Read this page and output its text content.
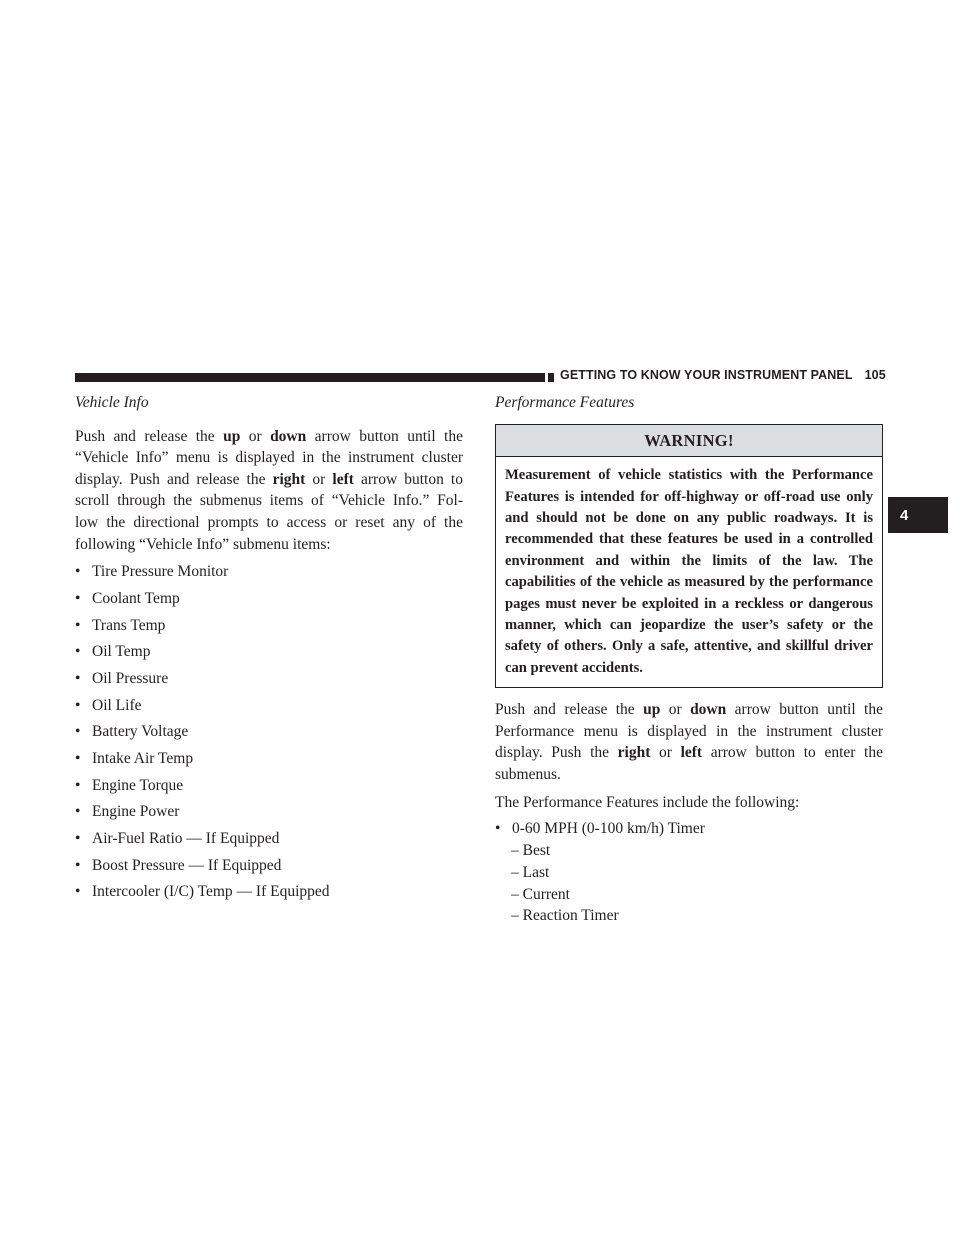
GETTING TO KNOW YOUR INSTRUMENT PANEL 105
4
Vehicle Info
Push and release the up or down arrow button until the
“Vehicle Info” menu is displayed in the instrument cluster
display. Push and release the right or left arrow button to
scroll through the submenus items of “Vehicle Info.” Fol-
low the directional prompts to access or reset any of the
following “Vehicle Info” submenu items:
• Tire Pressure Monitor
• Coolant Temp
• Trans Temp
• Oil Temp
• Oil Pressure
• Oil Life
• Battery Voltage
• Intake Air Temp
• Engine Torque
• Engine Power
• Air-Fuel Ratio — If Equipped
• Boost Pressure — If Equipped
• Intercooler (I/C) Temp — If Equipped
Performance Features
WARNING!
Measurement of vehicle statistics with the Performance Features is intended for off-highway or off-road use only and should not be done on any public roadways. It is recommended that these features be used in a controlled environment and within the limits of the law. The capabilities of the vehicle as measured by the performance pages must never be exploited in a reckless or dangerous manner, which can jeopardize the user’s safety or the safety of others. Only a safe, attentive, and skillful driver can prevent accidents.
Push and release the up or down arrow button until the
Performance menu is displayed in the instrument cluster
display. Push the right or left arrow button to enter the
submenus.

The Performance Features include the following:

• 0-60 MPH (0-100 km/h) Timer
– Best
– Last
– Current
– Reaction Timer
